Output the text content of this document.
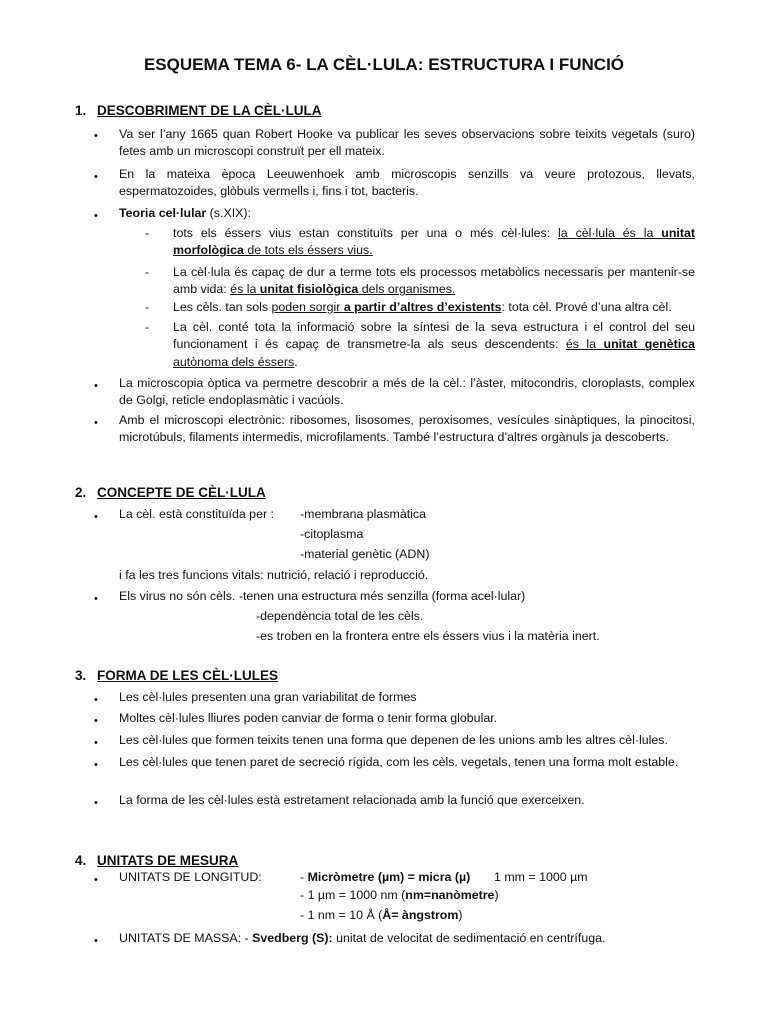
ESQUEMA TEMA 6- LA CÈL·LULA: ESTRUCTURA I FUNCIÓ
1. DESCOBRIMENT DE LA CÈL·LULA
• Va ser l’any 1665 quan Robert Hooke va publicar les seves observacions sobre teixits vegetals (suro) fetes amb un microscopi construït per ell mateix.
• En la mateixa època Leeuwenhoek amb microscopis senzills va veure protozous, llevats, espermatozoides, glòbuls vermells i, fins i tot, bacteris.
• Teoria cel·lular (s.XIX):
- tots els éssers vius estan constituïts per una o més cèl·lules: la cèl·lula és la unitat morfològica de tots els éssers vius.
- La cèl·lula és capaç de dur a terme tots els processos metabòlics necessaris per mantenir-se amb vida: és la unitat fisiològica dels organismes.
- Les cèls. tan sols poden sorgir a partir d’altres d’existents: tota cèl. Prové d’una altra cèl.
- La cèl. conté tota la informació sobre la síntesi de la seva estructura i el control del seu funcionament i és capaç de transmetre-la als seus descendents: és la unitat genètica autònoma dels éssers.
• La microscopia òptica va permetre descobrir a més de la cèl.: l’àster, mitocondris, cloroplasts, complex de Golgi, reticle endoplasmàtic i vacúols.
• Amb el microscopi electrònic: ribosomes, lisosomes, peroxisomes, vesícules sinàptiques, la pinocitosi, microtúbuls, filaments intermedis, microfilaments. També l’estructura d’altres orgànuls ja descoberts.
2. CONCEPTE DE CÈL·LULA
• La cèl. està constituïda per : -membrana plasmàtica
-citoplasma
-material genètic (ADN)
i fa les tres funcions vitals: nutrició, relació i reproducció.
• Els virus no són cèls. -tenen una estructura més senzilla (forma acel·lular)
-dependència total de les cèls.
-es troben en la frontera entre els éssers vius i la matèria inert.
3. FORMA DE LES CÈL·LULES
• Les cèl·lules presenten una gran variabilitat de formes
• Moltes cèl·lules lliures poden canviar de forma o tenir forma globular.
• Les cèl·lules que formen teixits tenen una forma que depenen de les unions amb les altres cèl·lules.
• Les cèl·lules que tenen paret de secreció rígida, com les cèls. vegetals, tenen una forma molt estable.
• La forma de les cèl·lules està estretament relacionada amb la funció que exerceixen.
4. UNITATS DE MESURA
• UNITATS DE LONGITUD:	- Micròmetre (µm) = micra (µ) 1 mm = 1000 µm
- 1 µm = 1000 nm (nm=nanòmetre)
- 1 nm = 10 Å (Å= àngstrom)
• UNITATS DE MASSA: - Svedberg (S): unitat de velocitat de sedimentació en centrífuga.
